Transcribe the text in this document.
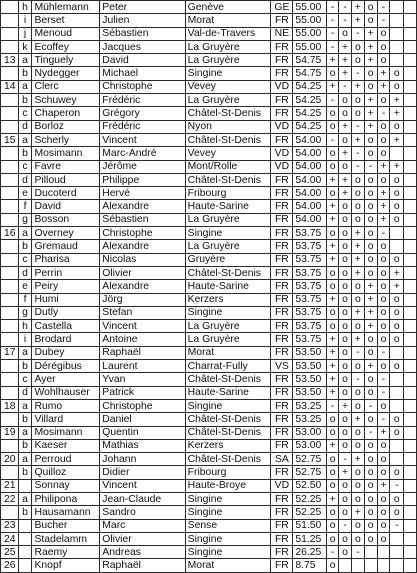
	h	Mühlemann	Peter	Genève	GE	55.00	-	-	+	o	-		
	i	Berset	Julien	Morat	FR	55.00	-	-	+	o	-		
	j	Menoud	Sébastien	Val-de-Travers	NE	55.00	-	o	-	+	o		
	k	Ecoffey	Jacques	La Gruyère	FR	55.00	-	+	o	+	o		
13	a	Tinguely	David	La Gruyère	FR	54.75	+	+	o	+	o		
	b	Nydegger	Michael	Singine	FR	54.75	o	+	-	o	+	o	
14	a	Clerc	Christophe	Vevey	VD	54.25	+	-	+	o	+	o	
	b	Schuwey	Frédéric	La Gruyère	FR	54.25	-	o	o	+	o	+	
	c	Chaperon	Grégory	Châtel-St-Denis	FR	54.25	o	o	o	+	-	+	
	d	Borloz	Frédéric	Nyon	VD	54.25	o	+	-	+	o	o	
15	a	Scherly	Vincent	Châtel-St-Denis	FR	54.00	-	o	+	o	o	+	
	b	Mosimann	Marc-André	Vevey	VD	54.00	o	+	-	o	o		
	c	Favre	Jérôme	Mont/Rolle	VD	54.00	o	o	-	-	+	+	
	d	Pilloud	Philippe	Châtel-St-Denis	FR	54.00	+	+	o	o	o	o	
	e	Ducoterd	Hervé	Fribourg	FR	54.00	o	+	o	o	+	o	
	f	David	Alexandre	Haute-Sarine	FR	54.00	+	o	o	o	+	o	
	g	Bosson	Sébastien	La Gruyère	FR	54.00	+	o	o	o	+	o	
16	a	Overney	Christophe	Singine	FR	53.75	o	o	+	o	-		
	b	Gremaud	Alexandre	La Gruyère	FR	53.75	+	o	+	o	o		
	c	Pharisa	Nicolas	Gruyère	FR	53.75	+	o	+	o	o	o	
	d	Perrin	Olivier	Châtel-St-Denis	FR	53.75	o	o	+	o	o	+	
	e	Peiry	Alexandre	Haute-Sarine	FR	53.75	o	o	o	+	o	+	
	f	Humi	Jörg	Kerzers	FR	53.75	+	o	o	+	o	o	
	g	Dutly	Stefan	Singine	FR	53.75	o	o	+	+	o	o	
	h	Castella	Vincent	La Gruyère	FR	53.75	o	o	o	+	o	o	
	i	Brodard	Antoine	La Gruyère	FR	53.75	+	o	+	o	o	o	
17	a	Dubey	Raphaël	Morat	FR	53.50	+	o	-	o	-		
	b	Dérégibus	Laurent	Charrat-Fully	VS	53.50	+	o	o	+	o	o	
	c	Ayer	Yvan	Châtel-St-Denis	FR	53.50	+	o	-	o	-		
	d	Wohlhauser	Patrick	Haute-Sarine	FR	53.50	+	o	o	o	-		
18	a	Rumo	Christophe	Singine	FR	53.25	-	+	o	-	o		
	b	Villard	Daniel	Châtel-St-Denis	FR	53.25	o	o	+	o	-	o	
19	a	Mosimann	Quentin	Châtel-St-Denis	FR	53.00	o	o	o	-	+	o	
	b	Kaeser	Mathias	Kerzers	FR	53.00	+	o	o	o	o		
20	a	Perroud	Johann	Châtel-St-Denis	SA	52.75	o	-	+	o	o		
	b	Quilloz	Didier	Fribourg	FR	52.75	o	+	o	o	o	o	
21		Sonnay	Vincent	Haute-Broye	VD	52.50	o	o	o	o	+	-	
22	a	Philipona	Jean-Claude	Singine	FR	52.25	+	o	o	o	o	o	
	b	Hausamann	Sandro	Singine	FR	52.25	o	o	+	o	o	o	
23		Bucher	Marc	Sense	FR	51.50	o	-	o	o	o	-	
24		Stadelamm	Olivier	Singine	FR	51.25	o	o	o	o	o		
25		Raemy	Andreas	Singine	FR	26.25	-	o	-				
26		Knopf	Raphaël	Morat	FR	8.75	o						
